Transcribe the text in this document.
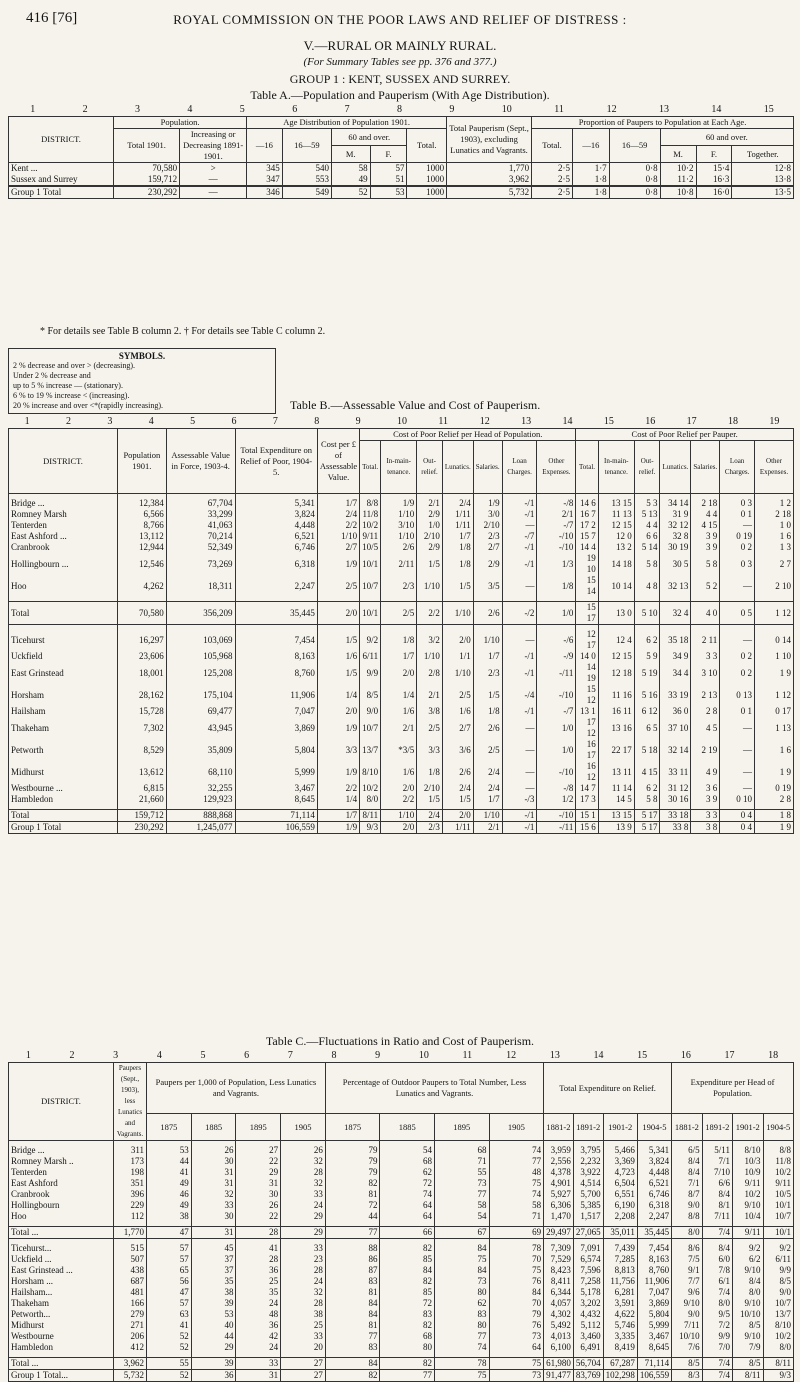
416 [76]	ROYAL COMMISSION ON THE POOR LAWS AND RELIEF OF DISTRESS :
V.—RURAL OR MAINLY RURAL.
(For Summary Tables see pp. 376 and 377.)
GROUP 1 : KENT, SUSSEX AND SURREY.
Table A.—Population and Pauperism (With Age Distribution).
1	2	3	4	5	6	7	8	9	10	11	12	13	14	15
DISTRICT.	Population.		Age Distribution of Population 1901.					Total Pauperism (Sept., 1903), excluding Lunatics and Vagrants.	Proportion of Paupers to Population at Each Age.					
	Total 1901.	Increasing or Decreasing 1891-1901.	—16	16—59	60 and over.		Total.		Total.	—16	16—59	60 and over.		
					M.	F.						M.	F.	Together.
Kent ...	70,580	>	345	540	58	57	1000	1,770	2·5	1·7	0·8	10·2	15·4	12·8
Sussex and Surrey	159,712	—	347	553	49	51	1000	3,962	2·5	1·8	0·8	11·2	16·3	13·8
Group 1 Total	230,292	—	346	549	52	53	1000	5,732	2·5	1·8	0·8	10·8	16·0	13·5
* For details see Table B column 2. † For details see Table C column 2.
SYMBOLS.
2 % decrease and over > (decreasing).
Under 2 % decrease and
up to 5 % increase — (stationary).
6 % to 19 % increase < (increasing).
20 % increase and over <*(rapidly increasing).	Table B.—Assessable Value and Cost of Pauperism.
1	2	3	4	5	6	7	8	9	10	11	12	13	14	15	16	17	18	19
DISTRICT.	Population 1901.	Assessable Value in Force, 1903-4.	Total Expenditure on Relief of Poor, 1904-5.	Cost per £ of Assessable Value.	Cost of Poor Relief per Head of Population.							Cost of Poor Relief per Pauper.						
					Total.	In-main-tenance.	Out-relief.	Lunatics.	Salaries.	Loan Charges.	Other Expenses.	Total.	In-main-tenance.	Out-relief.	Lunatics.	Salaries.	Loan Charges.	Other Expenses.

Bridge ...	12,384	67,704	5,341	1/7	8/8	1/9	2/1	2/4	1/9	-/1	-/8	14 6	13 15	5 3	34 14	2 18	0 3	1 2
Romney Marsh	6,566	33,299	3,824	2/4	11/8	1/10	2/9	1/11	3/0	-/1	2/1	16 7	11 13	5 13	31 9	4 4	0 1	2 18
Tenterden	8,766	41,063	4,448	2/2	10/2	3/10	1/0	1/11	2/10	—	-/7	17 2	12 15	4 4	32 12	4 15	—	1 0
East Ashford ...	13,112	70,214	6,521	1/10	9/11	1/10	2/10	1/7	2/3	-/7	-/10	15 7	12 0	6 6	32 8	3 9	0 19	1 6
Cranbrook	12,944	52,349	6,746	2/7	10/5	2/6	2/9	1/8	2/7	-/1	-/10	14 4	13 2	5 14	30 19	3 9	0 2	1 3
Hollingbourn ...	12,546	73,269	6,318	1/9	10/1	2/11	1/5	1/8	2/9	-/1	1/3	19 10	14 18	5 8	30 5	5 8	0 3	2 7
Hoo	4,262	18,311	2,247	2/5	10/7	2/3	1/10	1/5	3/5	—	1/8	15 14	10 14	4 8	32 13	5 2	—	2 10

Total	70,580	356,209	35,445	2/0	10/1	2/5	2/2	1/10	2/6	-/2	1/0	15 17	13 0	5 10	32 4	4 0	0 5	1 12

Ticehurst	16,297	103,069	7,454	1/5	9/2	1/8	3/2	2/0	1/10	—	-/6	12 17	12 4	6 2	35 18	2 11	—	0 14
Uckfield	23,606	105,968	8,163	1/6	6/11	1/7	1/10	1/1	1/7	-/1	-/9	14 0	12 15	5 9	34 9	3 3	0 2	1 10
East Grinstead	18,001	125,208	8,760	1/5	9/9	2/0	2/8	1/10	2/3	-/1	-/11	14 19	12 18	5 19	34 4	3 10	0 2	1 9
Horsham	28,162	175,104	11,906	1/4	8/5	1/4	2/1	2/5	1/5	-/4	-/10	15 12	11 16	5 16	33 19	2 13	0 13	1 12
Hailsham	15,728	69,477	7,047	2/0	9/0	1/6	3/8	1/6	1/8	-/1	-/7	13 1	16 11	6 12	36 0	2 8	0 1	0 17
Thakeham	7,302	43,945	3,869	1/9	10/7	2/1	2/5	2/7	2/6	—	1/0	17 12	13 16	6 5	37 10	4 5	—	1 13
Petworth	8,529	35,809	5,804	3/3	13/7	*3/5	3/3	3/6	2/5	—	1/0	16 17	22 17	5 18	32 14	2 19	—	1 6
Midhurst	13,612	68,110	5,999	1/9	8/10	1/6	1/8	2/6	2/4	—	-/10	16 12	13 11	4 15	33 11	4 9	—	1 9
Westbourne ...	6,815	32,255	3,467	2/2	10/2	2/0	2/10	2/4	2/4	—	-/8	14 7	11 14	6 2	31 12	3 6	—	0 19
Hambledon	21,660	129,923	8,645	1/4	8/0	2/2	1/5	1/5	1/7	-/3	1/2	17 3	14 5	5 8	30 16	3 9	0 10	2 8

Total	159,712	888,868	71,114	1/7	8/11	1/10	2/4	2/0	1/10	-/1	-/10	15 1	13 15	5 17	33 18	3 3	0 4	1 8
Group 1 Total	230,292	1,245,077	106,559	1/9	9/3	2/0	2/3	1/11	2/1	-/1	-/11	15 6	13 9	5 17	33 8	3 8	0 4	1 9
Table C.—Fluctuations in Ratio and Cost of Pauperism.
1	2	3	4	5	6	7	8	9	10	11	12	13	14	15	16	17	18
DISTRICT.	Paupers (Sept., 1903), less Lunatics and Vagrants.	Paupers per 1,000 of Population, Less Lunatics and Vagrants.				Percentage of Outdoor Paupers to Total Number, Less Lunatics and Vagrants.				Total Expenditure on Relief.				Expenditure per Head of Population.			
		1875	1885	1895	1905	1875	1885	1895	1905	1881-2	1891-2	1901-2	1904-5	1881-2	1891-2	1901-2	1904-5

Bridge ...	311	53	26	27	26	79	54	68	74	3,959	3,795	5,466	5,341	6/5	5/11	8/10	8/8
Romney Marsh ..	173	44	30	22	32	79	68	71	77	2,556	2,232	3,369	3,824	8/4	7/1	10/3	11/8
Tenterden	198	41	31	29	28	79	62	55	48	4,378	3,922	4,723	4,448	8/4	7/10	10/9	10/2
East Ashford	351	49	31	31	32	82	72	73	75	4,901	4,514	6,504	6,521	7/1	6/6	9/11	9/11
Cranbrook	396	46	32	30	33	81	74	77	74	5,927	5,700	6,551	6,746	8/7	8/4	10/2	10/5
Hollingbourn	229	49	33	26	24	72	64	58	58	6,306	5,385	6,190	6,318	9/0	8/1	9/10	10/1
Hoo	112	38	30	22	29	44	64	54	71	1,470	1,517	2,208	2,247	8/8	7/11	10/4	10/7

Total ...	1,770	47	31	28	29	77	66	67	69	29,497	27,065	35,011	35,445	8/0	7/4	9/11	10/1

Ticehurst...	515	57	45	41	33	88	82	84	78	7,309	7,091	7,439	7,454	8/6	8/4	9/2	9/2
Uckfield ...	507	57	37	28	23	86	85	75	70	7,529	6,574	7,285	8,163	7/5	6/0	6/2	6/11
East Grinstead ...	438	65	37	36	28	87	84	84	75	8,423	7,596	8,813	8,760	9/1	7/8	9/10	9/9
Horsham ...	687	56	35	25	24	83	82	73	76	8,411	7,258	11,756	11,906	7/7	6/1	8/4	8/5
Hailsham...	481	47	38	35	32	81	85	80	84	6,344	5,178	6,281	7,047	9/6	7/4	8/0	9/0
Thakeham	166	57	39	24	28	84	72	62	70	4,057	3,202	3,591	3,869	9/10	8/0	9/10	10/7
Petworth...	279	63	53	48	38	84	83	83	79	4,302	4,432	4,622	5,804	9/0	9/5	10/10	13/7
Midhurst	271	41	40	36	25	81	82	80	76	5,492	5,112	5,746	5,999	7/11	7/2	8/5	8/10
Westbourne	206	52	44	42	33	77	68	77	73	4,013	3,460	3,335	3,467	10/10	9/9	9/10	10/2
Hambledon	412	52	29	24	20	83	80	74	64	6,100	6,491	8,419	8,645	7/6	7/0	7/9	8/0

Total ...	3,962	55	39	33	27	84	82	78	75	61,980	56,704	67,287	71,114	8/5	7/4	8/5	8/11
Group 1 Total...	5,732	52	36	31	27	82	77	75	73	91,477	83,769	102,298	106,559	8/3	7/4	8/11	9/3
